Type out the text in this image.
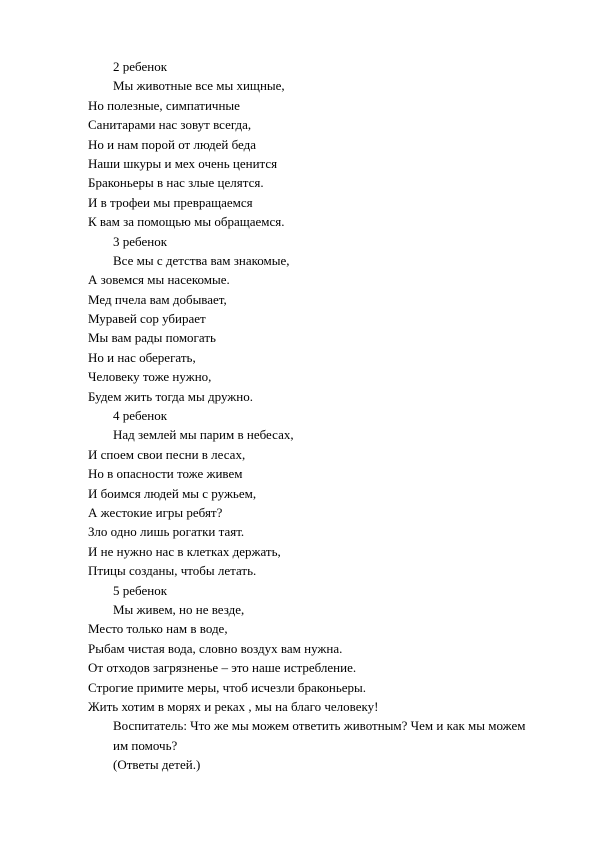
2 ребенок
Мы животные все мы хищные,
Но полезные, симпатичные
Санитарами нас зовут всегда,
Но и нам порой от людей беда
Наши шкуры и мех очень ценится
Браконьеры в нас злые целятся.
И в трофеи мы превращаемся
К вам за помощью мы обращаемся.
3 ребенок
Все мы с детства вам знакомые,
А зовемся мы насекомые.
Мед пчела вам добывает,
Муравей сор убирает
Мы вам рады помогать
Но и нас оберегать,
Человеку тоже нужно,
Будем жить тогда мы дружно.
4 ребенок
Над землей мы парим в небесах,
И споем свои песни в лесах,
Но в опасности тоже живем
И боимся людей мы с ружьем,
А жестокие игры ребят?
Зло одно лишь рогатки таят.
И не нужно нас в клетках держать,
Птицы созданы, чтобы летать.
5 ребенок
Мы живем, но не везде,
Место только нам в воде,
Рыбам чистая вода, словно воздух вам нужна.
От отходов загрязненье – это наше истребление.
Строгие примите меры, чтоб исчезли браконьеры.
Жить хотим в морях и реках , мы на благо человеку!
Воспитатель: Что же мы можем ответить животным? Чем и как мы можем им помочь?
(Ответы детей.)
